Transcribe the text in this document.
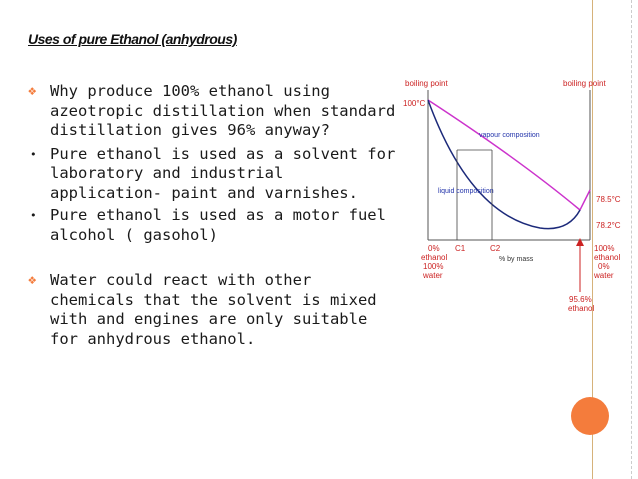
Uses of pure Ethanol (anhydrous)
❖ Why produce 100% ethanol using azeotropic distillation when standard distillation gives 96% anyway?
• Pure ethanol is used as a solvent for laboratory and industrial application- paint and varnishes.
• Pure ethanol is used as a motor fuel alcohol ( gasohol)
❖ Water could react with other chemicals that the solvent is mixed with and engines are only suitable for anhydrous ethanol.
boiling point	boiling point
100°C
78.5°C
78.2°C
vapour composition
liquid composition
C1	C2
% by mass
0%
ethanol
100%
water
100%
ethanol
0%
water
95.6%
ethanol
